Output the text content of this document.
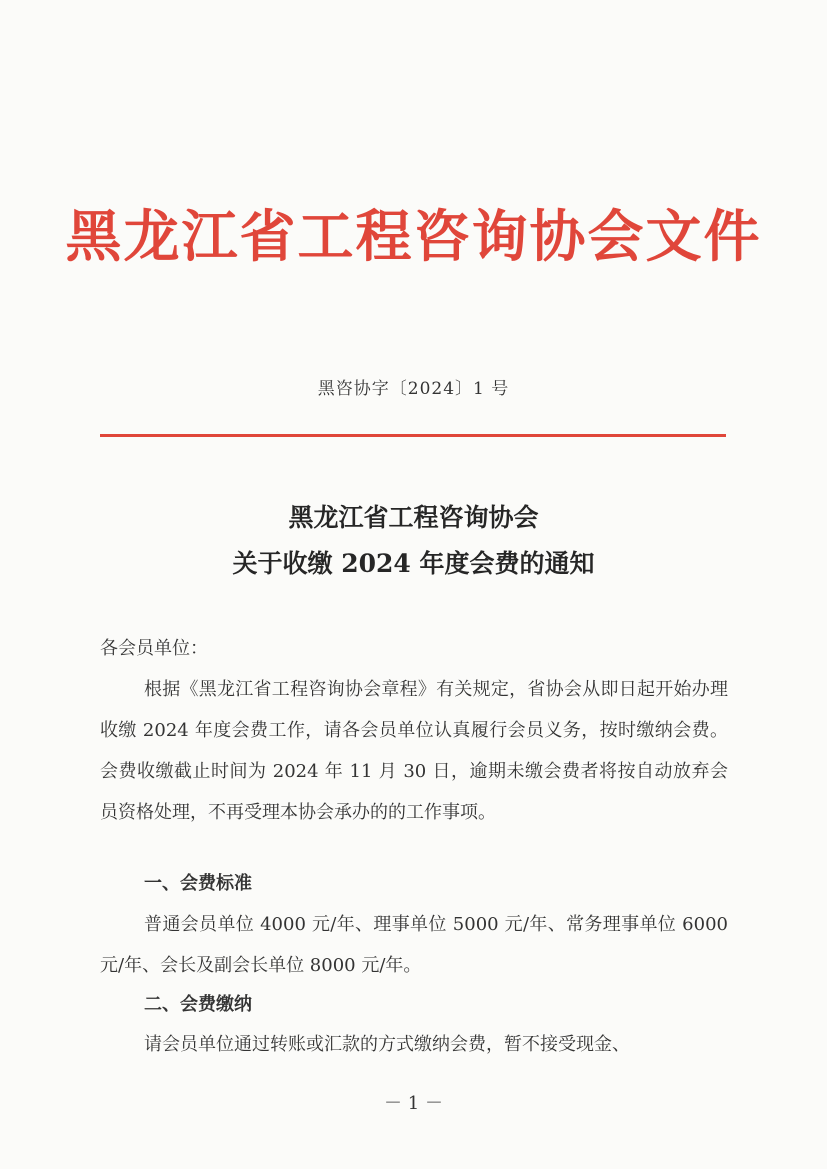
黑龙江省工程咨询协会文件
黑咨协字〔2024〕1 号
黑龙江省工程咨询协会
关于收缴 2024 年度会费的通知
各会员单位：
根据《黑龙江省工程咨询协会章程》有关规定，省协会从即日起开始办理收缴 2024 年度会费工作，请各会员单位认真履行会员义务，按时缴纳会费。会费收缴截止时间为 2024 年 11 月 30 日，逾期未缴会费者将按自动放弃会员资格处理，不再受理本协会承办的的工作事项。
一、会费标准
普通会员单位 4000 元/年、理事单位 5000 元/年、常务理事单位 6000 元/年、会长及副会长单位 8000 元/年。
二、会费缴纳
请会员单位通过转账或汇款的方式缴纳会费，暂不接受现金、
－ 1 －
